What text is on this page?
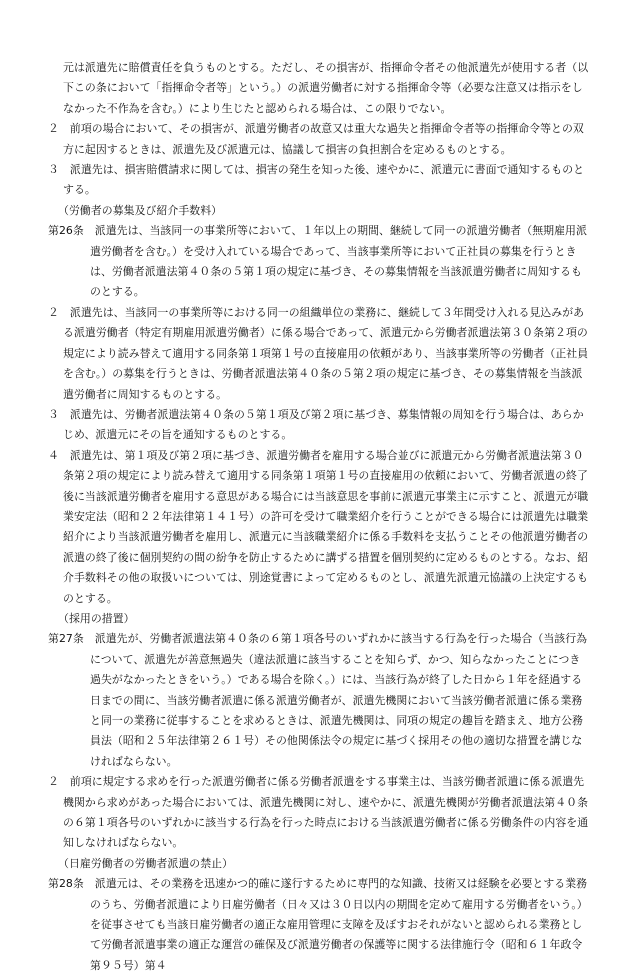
元は派遣先に賠償責任を負うものとする。ただし、その損害が、指揮命令者その他派遣先が使用する者（以下この条において「指揮命令者等」という。）の派遣労働者に対する指揮命令等（必要な注意又は指示をしなかった不作為を含む。）により生じたと認められる場合は、この限りでない。

２　前項の場合において、その損害が、派遣労働者の故意又は重大な過失と指揮命令者等の指揮命令等との双方に起因するときは、派遣先及び派遣元は、協議して損害の負担割合を定めるものとする。

３　派遣先は、損害賠償請求に関しては、損害の発生を知った後、速やかに、派遣元に書面で通知するものとする。

（労働者の募集及び紹介手数料）

第26条　派遣先は、当該同一の事業所等において、１年以上の期間、継続して同一の派遣労働者（無期雇用派遣労働者を含む。）を受け入れている場合であって、当該事業所等において正社員の募集を行うときは、労働者派遣法第４０条の５第１項の規定に基づき、その募集情報を当該派遣労働者に周知するものとする。

２　派遣先は、当該同一の事業所等における同一の組織単位の業務に、継続して３年間受け入れる見込みがある派遣労働者（特定有期雇用派遣労働者）に係る場合であって、派遣元から労働者派遣法第３０条第２項の規定により読み替えて適用する同条第１項第１号の直接雇用の依頼があり、当該事業所等の労働者（正社員を含む。）の募集を行うときは、労働者派遣法第４０条の５第２項の規定に基づき、その募集情報を当該派遣労働者に周知するものとする。

３　派遣先は、労働者派遣法第４０条の５第１項及び第２項に基づき、募集情報の周知を行う場合は、あらかじめ、派遣元にその旨を通知するものとする。

４　派遣先は、第１項及び第２項に基づき、派遣労働者を雇用する場合並びに派遣元から労働者派遣法第３０条第２項の規定により読み替えて適用する同条第１項第１号の直接雇用の依頼において、労働者派遣の終了後に当該派遣労働者を雇用する意思がある場合には当該意思を事前に派遣元事業主に示すこと、派遣元が職業安定法（昭和２２年法律第１４１号）の許可を受けて職業紹介を行うことができる場合には派遣先は職業紹介により当該派遣労働者を雇用し、派遣元に当該職業紹介に係る手数料を支払うことその他派遣労働者の派遣の終了後に個別契約の間の紛争を防止するために講ずる措置を個別契約に定めるものとする。なお、紹介手数料その他の取扱いについては、別途覚書によって定めるものとし、派遣先派遣元協議の上決定するものとする。

（採用の措置）

第27条　派遣先が、労働者派遣法第４０条の６第１項各号のいずれかに該当する行為を行った場合（当該行為について、派遣先が善意無過失（違法派遣に該当することを知らず、かつ、知らなかったことにつき過失がなかったときをいう。）である場合を除く。）には、当該行為が終了した日から１年を経過する日までの間に、当該労働者派遣に係る派遣労働者が、派遣先機関において当該労働者派遣に係る業務と同一の業務に従事することを求めるときは、派遣先機関は、同項の規定の趣旨を踏まえ、地方公務員法（昭和２５年法律第２６１号）その他関係法令の規定に基づく採用その他の適切な措置を講じなければならない。

２　前項に規定する求めを行った派遣労働者に係る労働者派遣をする事業主は、当該労働者派遣に係る派遣先機関から求めがあった場合においては、派遣先機関に対し、速やかに、派遣先機関が労働者派遣法第４０条の６第１項各号のいずれかに該当する行為を行った時点における当該派遣労働者に係る労働条件の内容を通知しなければならない。

（日雇労働者の労働者派遣の禁止）

第28条　派遣元は、その業務を迅速かつ的確に遂行するために専門的な知識、技術又は経験を必要とする業務のうち、労働者派遣により日雇労働者（日々又は３０日以内の期間を定めて雇用する労働者をいう。）を従事させても当該日雇労働者の適正な雇用管理に支障を及ぼすおそれがないと認められる業務として労働者派遣事業の適正な運営の確保及び派遣労働者の保護等に関する法律施行令（昭和６１年政令第９５号）第４
